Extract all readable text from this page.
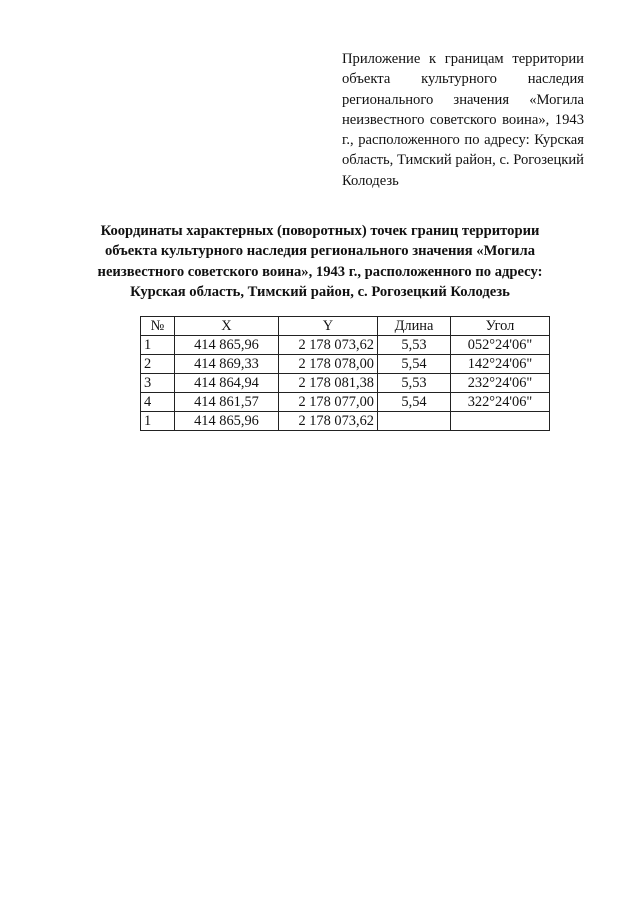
Приложение к границам территории объекта культурного наследия регионального значения «Могила неизвестного советского воина», 1943 г., расположенного по адресу: Курская область, Тимский район, с. Рогозецкий Колодезь
Координаты характерных (поворотных) точек границ территории объекта культурного наследия регионального значения «Могила неизвестного советского воина», 1943 г., расположенного по адресу: Курская область, Тимский район, с. Рогозецкий Колодезь
№	X	Y	Длина	Угол
1	414 865,96	2 178 073,62	5,53	052°24'06"
2	414 869,33	2 178 078,00	5,54	142°24'06"
3	414 864,94	2 178 081,38	5,53	232°24'06"
4	414 861,57	2 178 077,00	5,54	322°24'06"
1	414 865,96	2 178 073,62		
